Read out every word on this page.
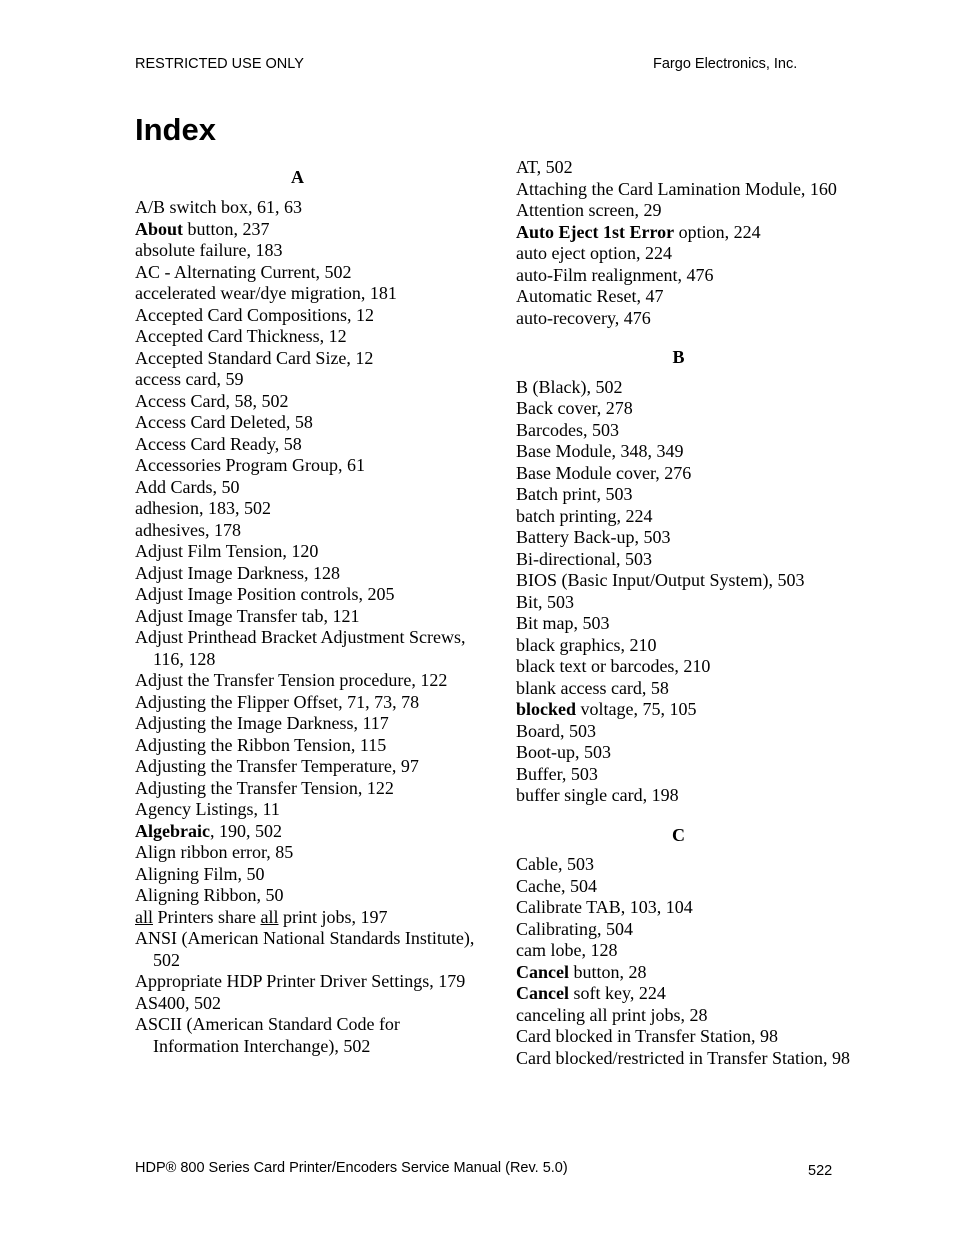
RESTRICTED USE ONLY	Fargo Electronics, Inc.
Index
A
A/B switch box, 61, 63
About button, 237
absolute failure, 183
AC - Alternating Current, 502
accelerated wear/dye migration, 181
Accepted Card Compositions, 12
Accepted Card Thickness, 12
Accepted Standard Card Size, 12
access card, 59
Access Card, 58, 502
Access Card Deleted, 58
Access Card Ready, 58
Accessories Program Group, 61
Add Cards, 50
adhesion, 183, 502
adhesives, 178
Adjust Film Tension, 120
Adjust Image Darkness, 128
Adjust Image Position controls, 205
Adjust Image Transfer tab, 121
Adjust Printhead Bracket Adjustment Screws, 116, 128
Adjust the Transfer Tension procedure, 122
Adjusting the Flipper Offset, 71, 73, 78
Adjusting the Image Darkness, 117
Adjusting the Ribbon Tension, 115
Adjusting the Transfer Temperature, 97
Adjusting the Transfer Tension, 122
Agency Listings, 11
Algebraic, 190, 502
Align ribbon error, 85
Aligning Film, 50
Aligning Ribbon, 50
all Printers share all print jobs, 197
ANSI (American National Standards Institute), 502
Appropriate HDP Printer Driver Settings, 179
AS400, 502
ASCII (American Standard Code for Information Interchange), 502
AT, 502
Attaching the Card Lamination Module, 160
Attention screen, 29
Auto Eject 1st Error option, 224
auto eject option, 224
auto-Film realignment, 476
Automatic Reset, 47
auto-recovery, 476
B
B (Black), 502
Back cover, 278
Barcodes, 503
Base Module, 348, 349
Base Module cover, 276
Batch print, 503
batch printing, 224
Battery Back-up, 503
Bi-directional, 503
BIOS (Basic Input/Output System), 503
Bit, 503
Bit map, 503
black graphics, 210
black text or barcodes, 210
blank access card, 58
blocked voltage, 75, 105
Board, 503
Boot-up, 503
Buffer, 503
buffer single card, 198
C
Cable, 503
Cache, 504
Calibrate TAB, 103, 104
Calibrating, 504
cam lobe, 128
Cancel button, 28
Cancel soft key, 224
canceling all print jobs, 28
Card blocked in Transfer Station, 98
Card blocked/restricted in Transfer Station, 98
HDP® 800 Series Card Printer/Encoders Service Manual (Rev. 5.0)	522
